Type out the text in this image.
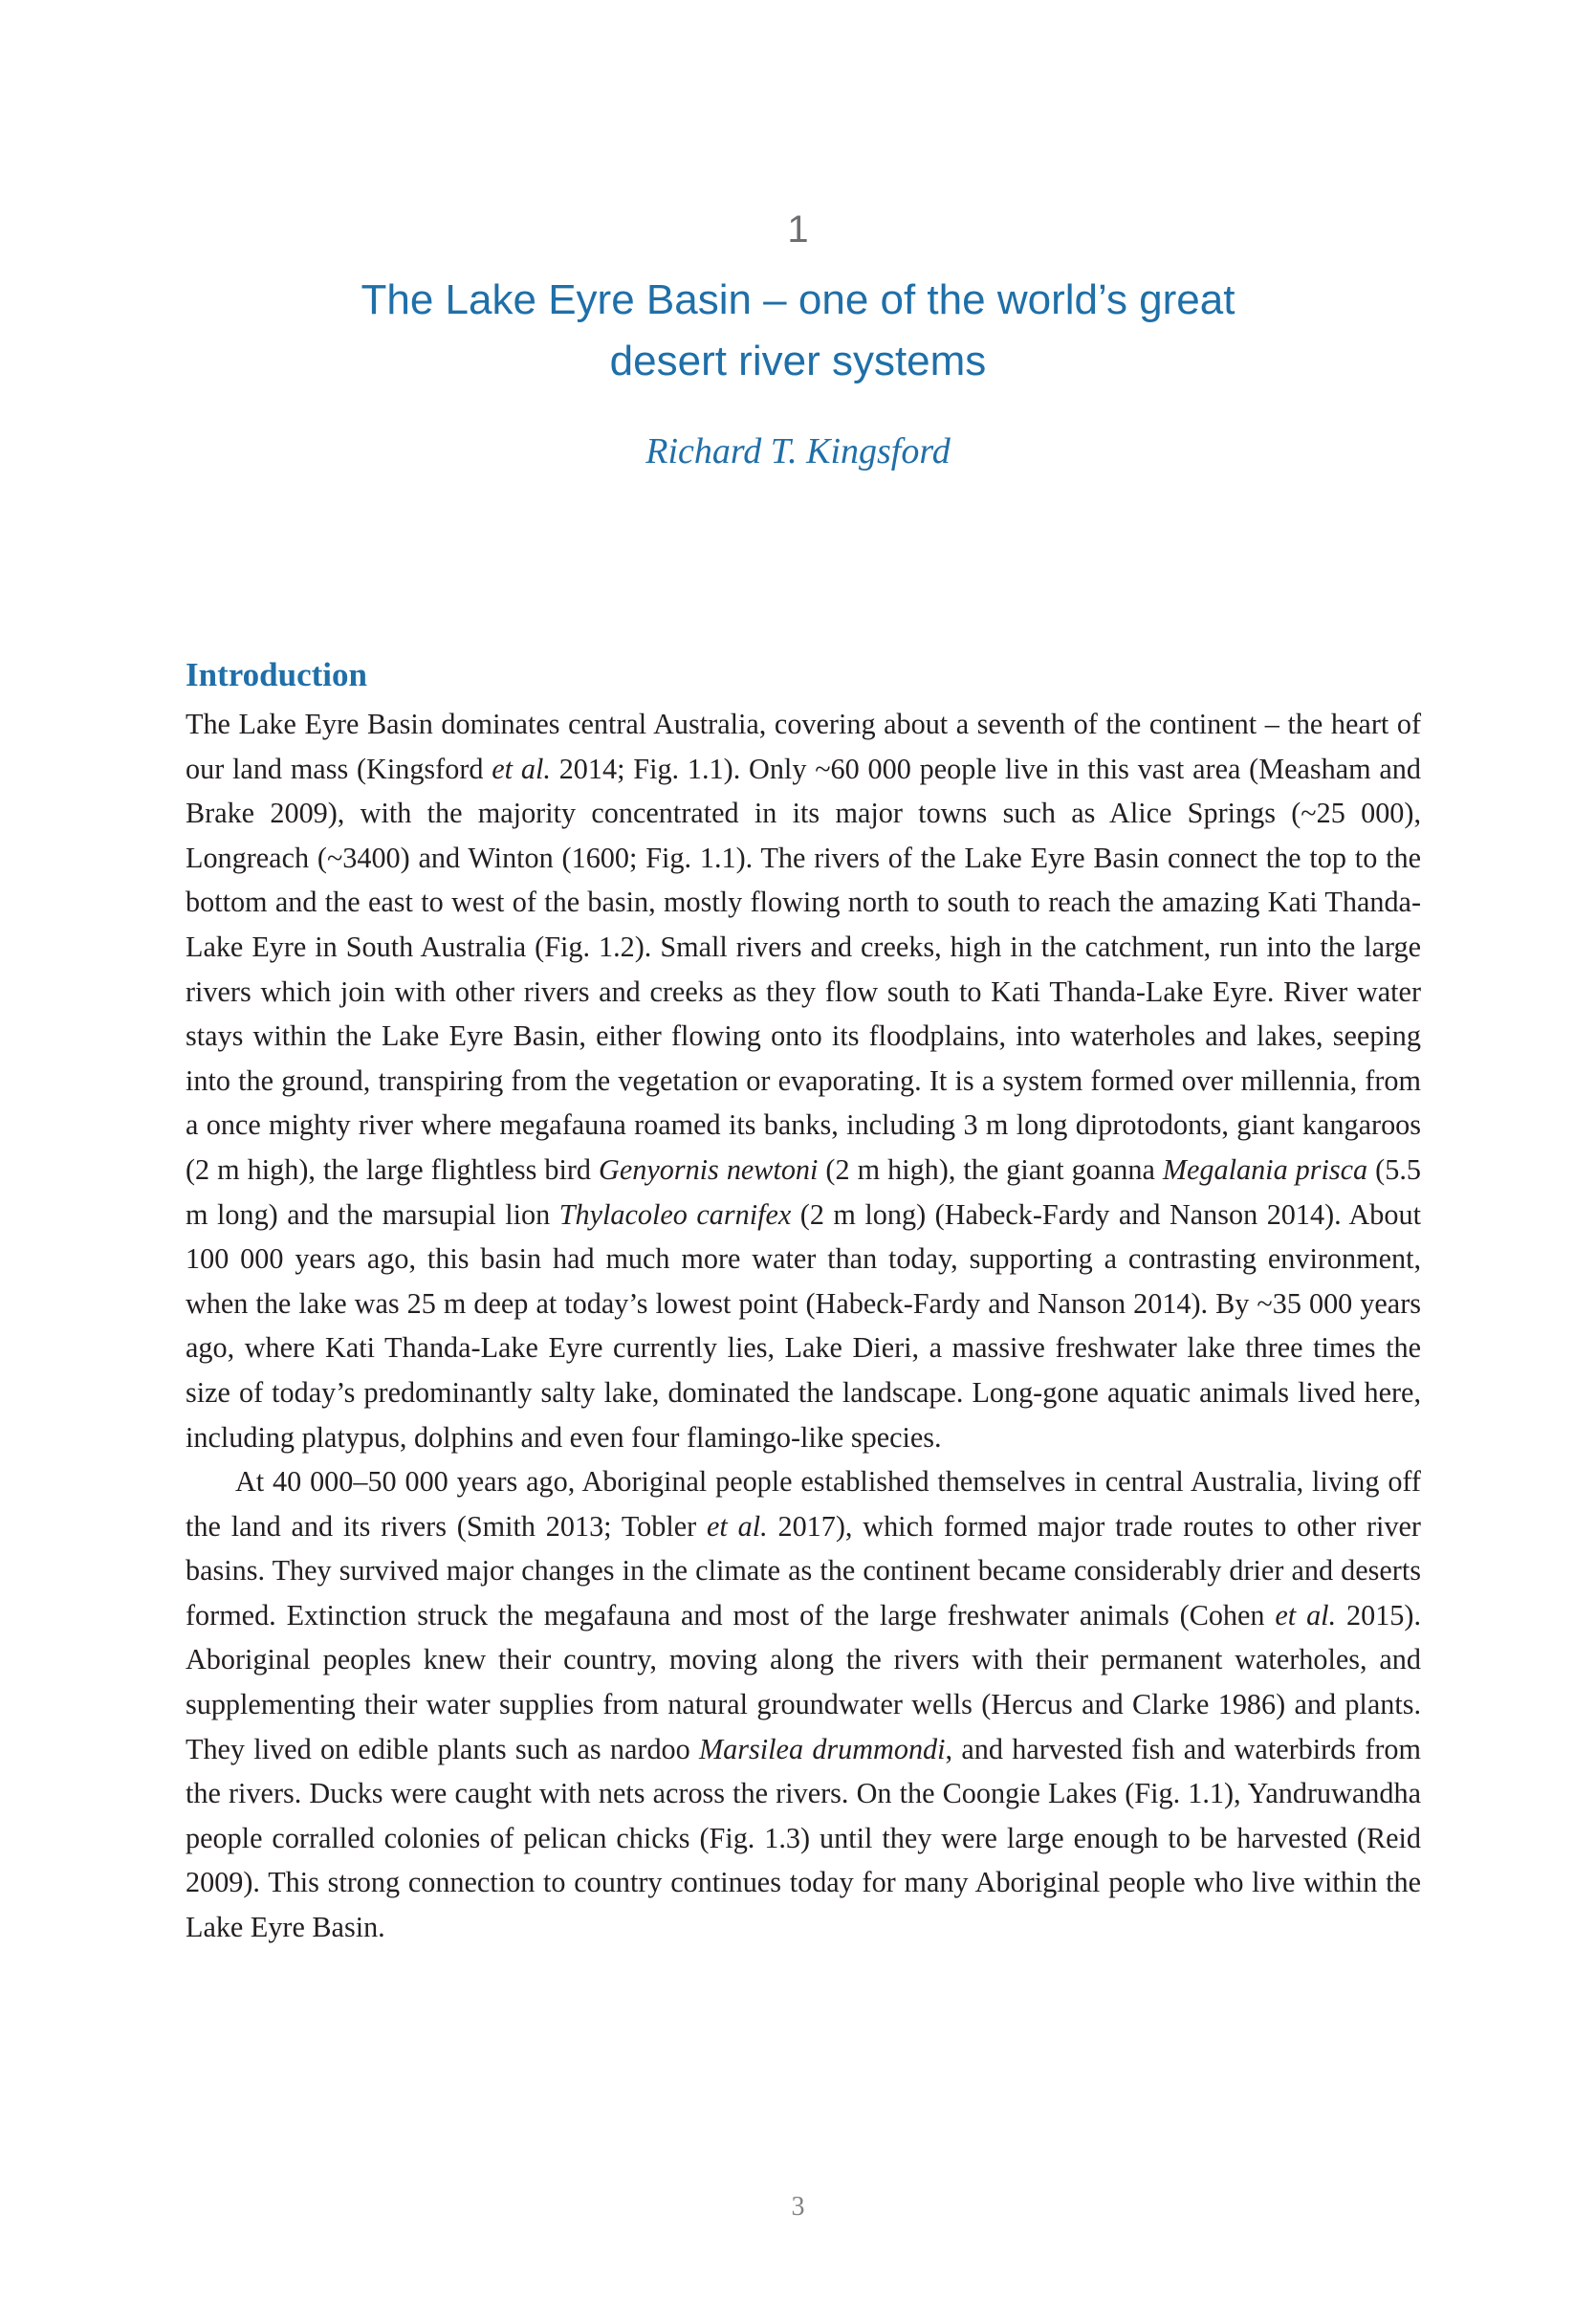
1
The Lake Eyre Basin – one of the world’s great
desert river systems
Richard T. Kingsford
Introduction

The Lake Eyre Basin dominates central Australia, covering about a seventh of the continent – the heart of our land mass (Kingsford et al. 2014; Fig. 1.1). Only ~60 000 people live in this vast area (Measham and Brake 2009), with the majority concentrated in its major towns such as Alice Springs (~25 000), Longreach (~3400) and Winton (1600; Fig. 1.1). The rivers of the Lake Eyre Basin connect the top to the bottom and the east to west of the basin, mostly flowing north to south to reach the amazing Kati Thanda-Lake Eyre in South Australia (Fig. 1.2). Small rivers and creeks, high in the catchment, run into the large rivers which join with other rivers and creeks as they flow south to Kati Thanda-Lake Eyre. River water stays within the Lake Eyre Basin, either flowing onto its floodplains, into waterholes and lakes, seeping into the ground, transpiring from the vegetation or evaporating. It is a system formed over millennia, from a once mighty river where megafauna roamed its banks, including 3 m long diprotodonts, giant kangaroos (2 m high), the large flightless bird Genyornis newtoni (2 m high), the giant goanna Megalania prisca (5.5 m long) and the marsupial lion Thylacoleo carnifex (2 m long) (Habeck-Fardy and Nanson 2014). About 100 000 years ago, this basin had much more water than today, supporting a contrasting environment, when the lake was 25 m deep at today’s lowest point (Habeck-Fardy and Nanson 2014). By ~35 000 years ago, where Kati Thanda-Lake Eyre currently lies, Lake Dieri, a massive freshwater lake three times the size of today’s predominantly salty lake, dominated the landscape. Long-gone aquatic animals lived here, including platypus, dolphins and even four flamingo-like species.

At 40 000–50 000 years ago, Aboriginal people established themselves in central Australia, living off the land and its rivers (Smith 2013; Tobler et al. 2017), which formed major trade routes to other river basins. They survived major changes in the climate as the continent became considerably drier and deserts formed. Extinction struck the megafauna and most of the large freshwater animals (Cohen et al. 2015). Aboriginal peoples knew their country, moving along the rivers with their permanent waterholes, and supplementing their water supplies from natural groundwater wells (Hercus and Clarke 1986) and plants. They lived on edible plants such as nardoo Marsilea drummondi, and harvested fish and waterbirds from the rivers. Ducks were caught with nets across the rivers. On the Coongie Lakes (Fig. 1.1), Yandruwandha people corralled colonies of pelican chicks (Fig. 1.3) until they were large enough to be harvested (Reid 2009). This strong connection to country continues today for many Aboriginal people who live within the Lake Eyre Basin.

3
